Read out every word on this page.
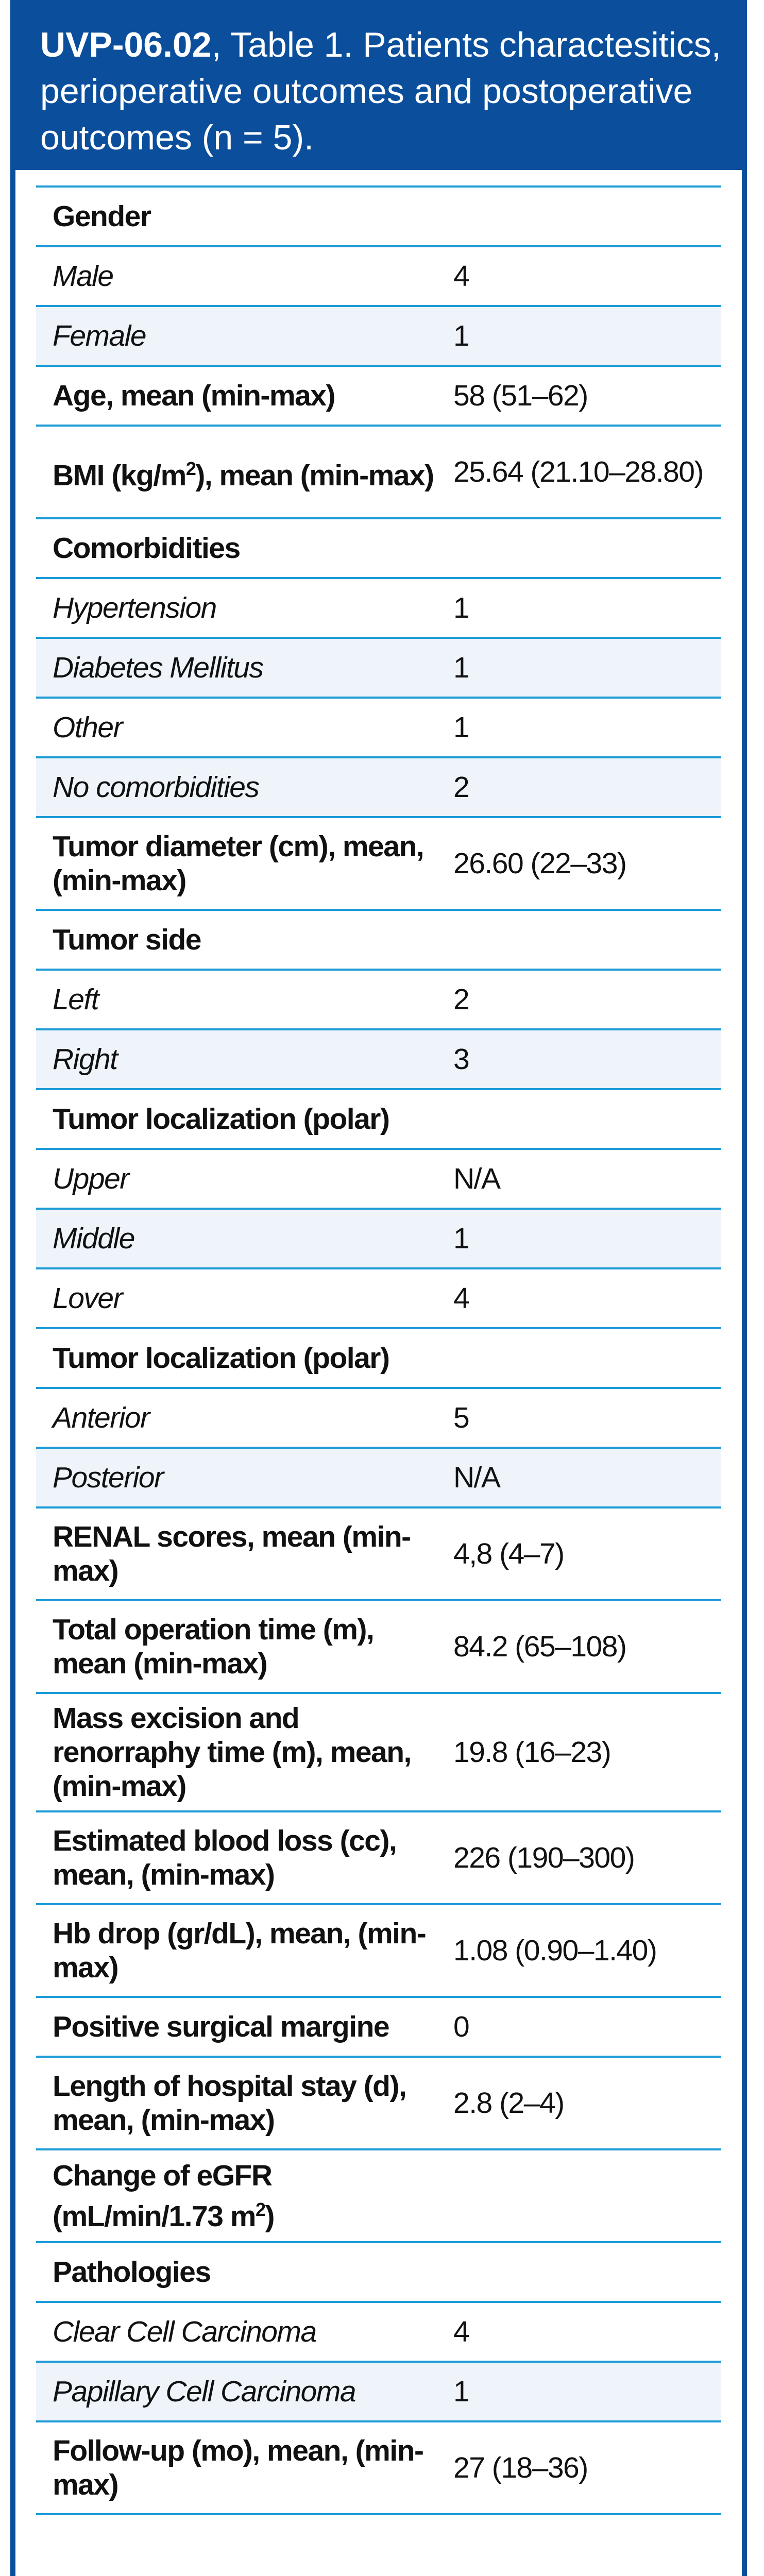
UVP-06.02, Table 1. Patients charactesitics, perioperative outcomes and postoperative outcomes (n = 5).
Gender	
Male	4
Female	1
Age, mean (min-max)	58 (51–62)
BMI $(kg/m^2)$, mean (min-max)	25.64 (21.10–28.80)
Comorbidities	
Hypertension	1
Diabetes Mellitus	1
Other	1
No comorbidities	2
Tumor diameter (cm), mean, (min-max)	26.60 (22–33)
Tumor side	
Left	2
Right	3
Tumor localization (polar)	
Upper	N/A
Middle	1
Lover	4
Tumor localization (polar)	
Anterior	5
Posterior	N/A
RENAL scores, mean (min-max)	4,8 (4–7)
Total operation time (m), mean (min-max)	84.2 (65–108)
Mass excision and renorraphy time (m), mean, (min-max)	19.8 (16–23)
Estimated blood loss (cc), mean, (min-max)	226 (190–300)
Hb drop (gr/dL), mean, (min-max)	1.08 (0.90–1.40)
Positive surgical margine	0
Length of hospital stay (d), mean, (min-max)	2.8 (2–4)
Change of eGFR (mL/min/1.73 $m^2$)	
Pathologies	
Clear Cell Carcinoma	4
Papillary Cell Carcinoma	1
Follow-up (mo), mean, (min-max)	27 (18–36)
